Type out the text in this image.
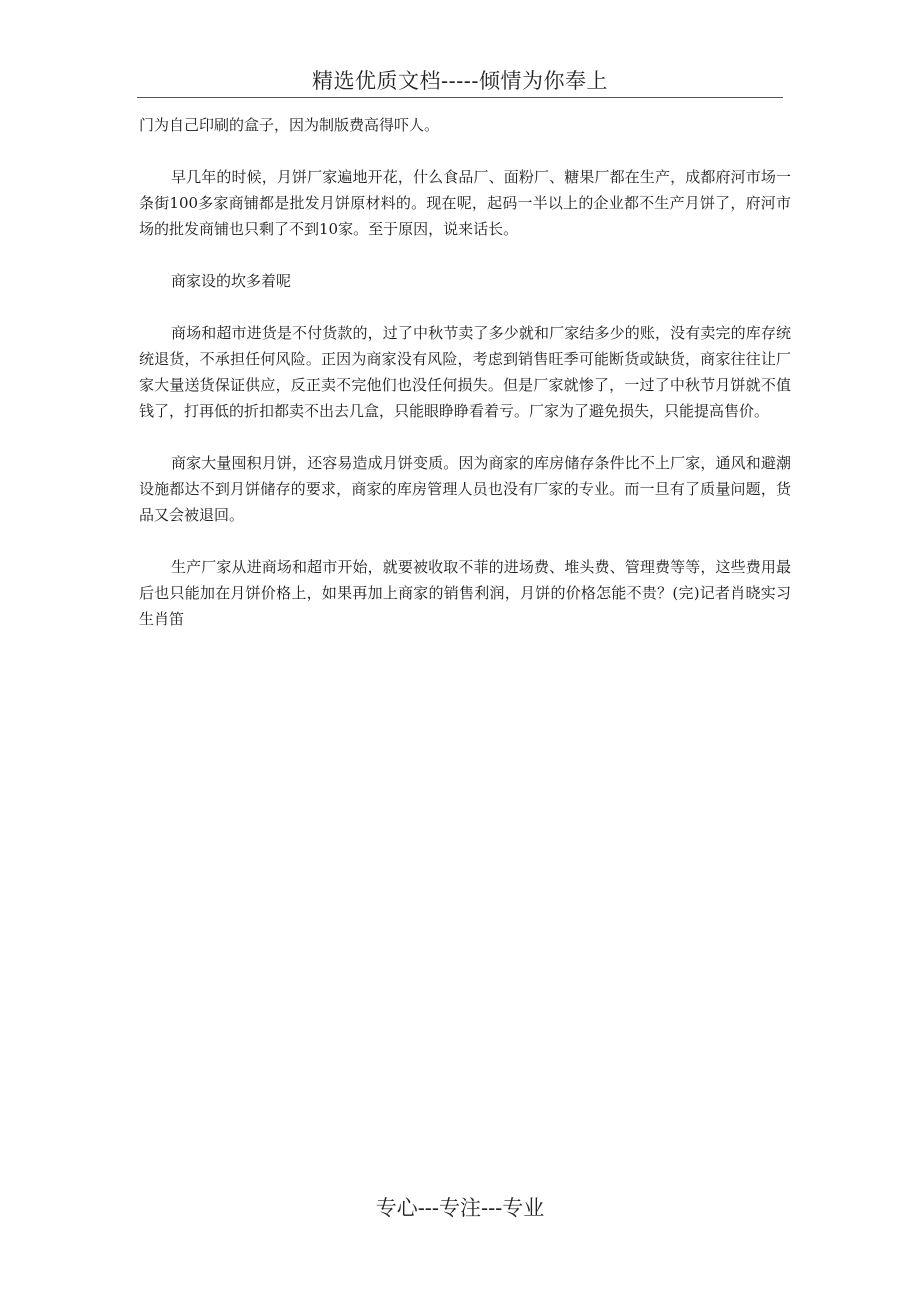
精选优质文档-----倾情为你奉上

门为自己印刷的盒子，因为制版费高得吓人。

早几年的时候，月饼厂家遍地开花，什么食品厂、面粉厂、糖果厂都在生产，成都府河市场一条街100多家商铺都是批发月饼原材料的。现在呢，起码一半以上的企业都不生产月饼了，府河市场的批发商铺也只剩了不到10家。至于原因，说来话长。

商家设的坎多着呢

商场和超市进货是不付货款的，过了中秋节卖了多少就和厂家结多少的账，没有卖完的库存统统退货，不承担任何风险。正因为商家没有风险，考虑到销售旺季可能断货或缺货，商家往往让厂家大量送货保证供应，反正卖不完他们也没任何损失。但是厂家就惨了，一过了中秋节月饼就不值钱了，打再低的折扣都卖不出去几盒，只能眼睁睁看着亏。厂家为了避免损失，只能提高售价。

商家大量囤积月饼，还容易造成月饼变质。因为商家的库房储存条件比不上厂家，通风和避潮设施都达不到月饼储存的要求，商家的库房管理人员也没有厂家的专业。而一旦有了质量问题，货品又会被退回。

生产厂家从进商场和超市开始，就要被收取不菲的进场费、堆头费、管理费等等，这些费用最后也只能加在月饼价格上，如果再加上商家的销售利润，月饼的价格怎能不贵？(完)记者肖晓实习生肖笛

专心---专注---专业
